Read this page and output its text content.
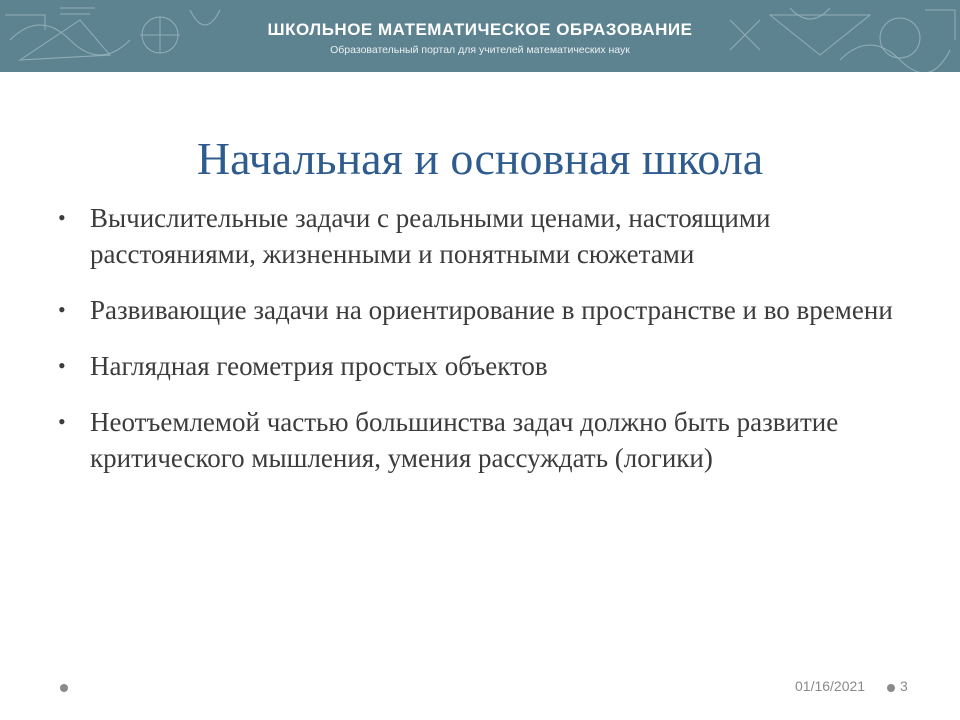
ШКОЛЬНОЕ МАТЕМАТИЧЕСКОЕ ОБРАЗОВАНИЕ
Образовательный портал для учителей математических наук
Начальная и основная школа
• Вычислительные задачи с реальными ценами, настоящими расстояниями, жизненными и понятными сюжетами
• Развивающие задачи на ориентирование в пространстве и во времени
• Наглядная геометрия простых объектов
• Неотъемлемой частью большинства задач должно быть развитие критического мышления, умения рассуждать (логики)
01/16/2021 3
